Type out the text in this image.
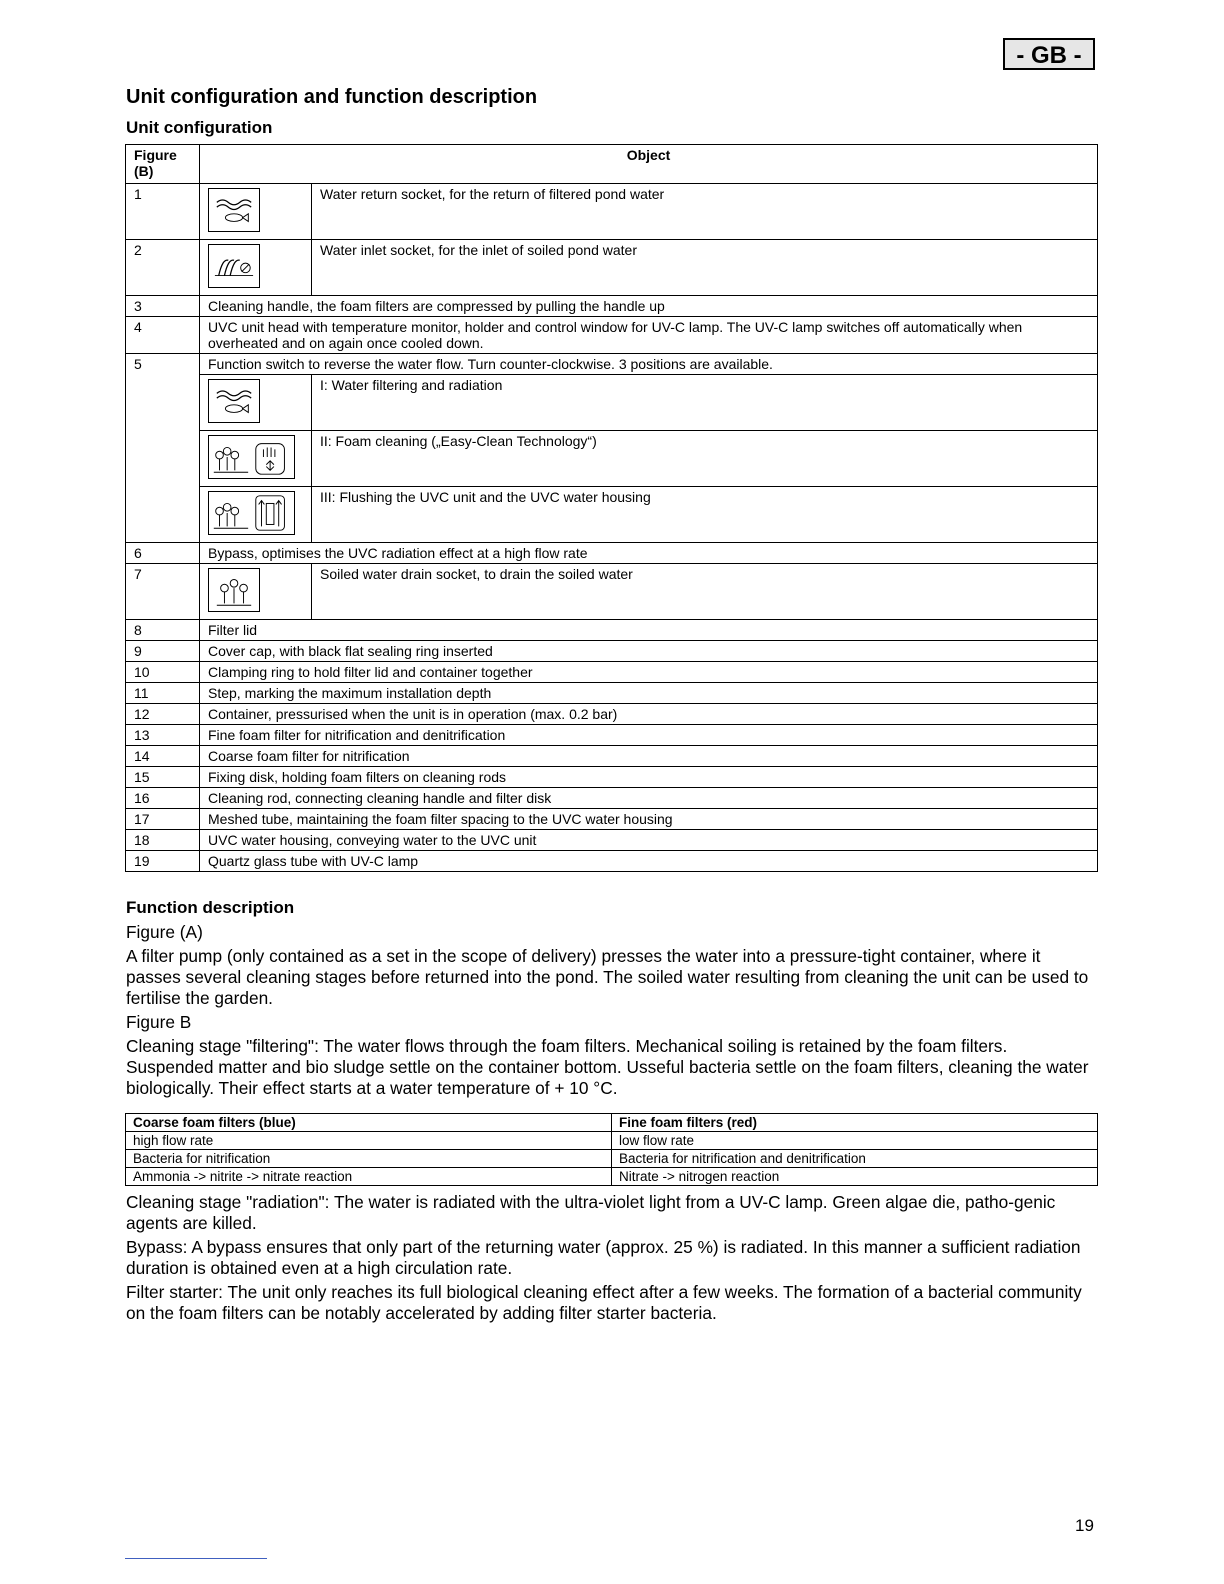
- GB -
Unit configuration and function description
Unit configuration
Figure (B)	Object	
1		Water return socket, for the return of filtered pond water
2		Water inlet socket, for the inlet of soiled pond water
3	Cleaning handle, the foam filters are compressed by pulling the handle up	
4	UVC unit head with temperature monitor, holder and control window for UV-C lamp. The UV-C lamp switches off automatically when overheated and on again once cooled down.	
5	Function switch to reverse the water flow. Turn counter-clockwise. 3 positions are available.	

	I: Water filtering and radiation

	II: Foam cleaning („Easy-Clean Technology“)

	III: Flushing the UVC unit and the UVC water housing
6	Bypass, optimises the UVC radiation effect at a high flow rate	
7		Soiled water drain socket, to drain the soiled water
8	Filter lid	
9	Cover cap, with black flat sealing ring inserted	
10	Clamping ring to hold filter lid and container together	
11	Step, marking the maximum installation depth	
12	Container, pressurised when the unit is in operation (max. 0.2 bar)	
13	Fine foam filter for nitrification and denitrification	
14	Coarse foam filter for nitrification	
15	Fixing disk, holding foam filters on cleaning rods	
16	Cleaning rod, connecting cleaning handle and filter disk	
17	Meshed tube, maintaining the foam filter spacing to the UVC water housing	
18	UVC water housing, conveying water to the UVC unit	
19	Quartz glass tube with UV-C lamp	
Function description

Figure (A)

A filter pump (only contained as a set in the scope of delivery) presses the water into a pressure-tight container, where it passes several cleaning stages before returned into the pond. The soiled water resulting from cleaning the unit can be used to fertilise the garden.

Figure B

Cleaning stage "filtering": The water flows through the foam filters. Mechanical soiling is retained by the foam filters. Suspended matter and bio sludge settle on the container bottom. Usseful bacteria settle on the foam filters, cleaning the water biologically. Their effect starts at a water temperature of + 10 °C.

Coarse foam filters (blue)	Fine foam filters (red)
high flow rate	low flow rate
Bacteria for nitrification	Bacteria for nitrification and denitrification
Ammonia -> nitrite -> nitrate reaction	Nitrate -> nitrogen reaction

Cleaning stage "radiation": The water is radiated with the ultra-violet light from a UV-C lamp. Green algae die, patho-genic agents are killed.

Bypass: A bypass ensures that only part of the returning water (approx. 25 %) is radiated. In this manner a sufficient radiation duration is obtained even at a high circulation rate.

Filter starter: The unit only reaches its full biological cleaning effect after a few weeks. The formation of a bacterial community on the foam filters can be notably accelerated by adding filter starter bacteria.

19
